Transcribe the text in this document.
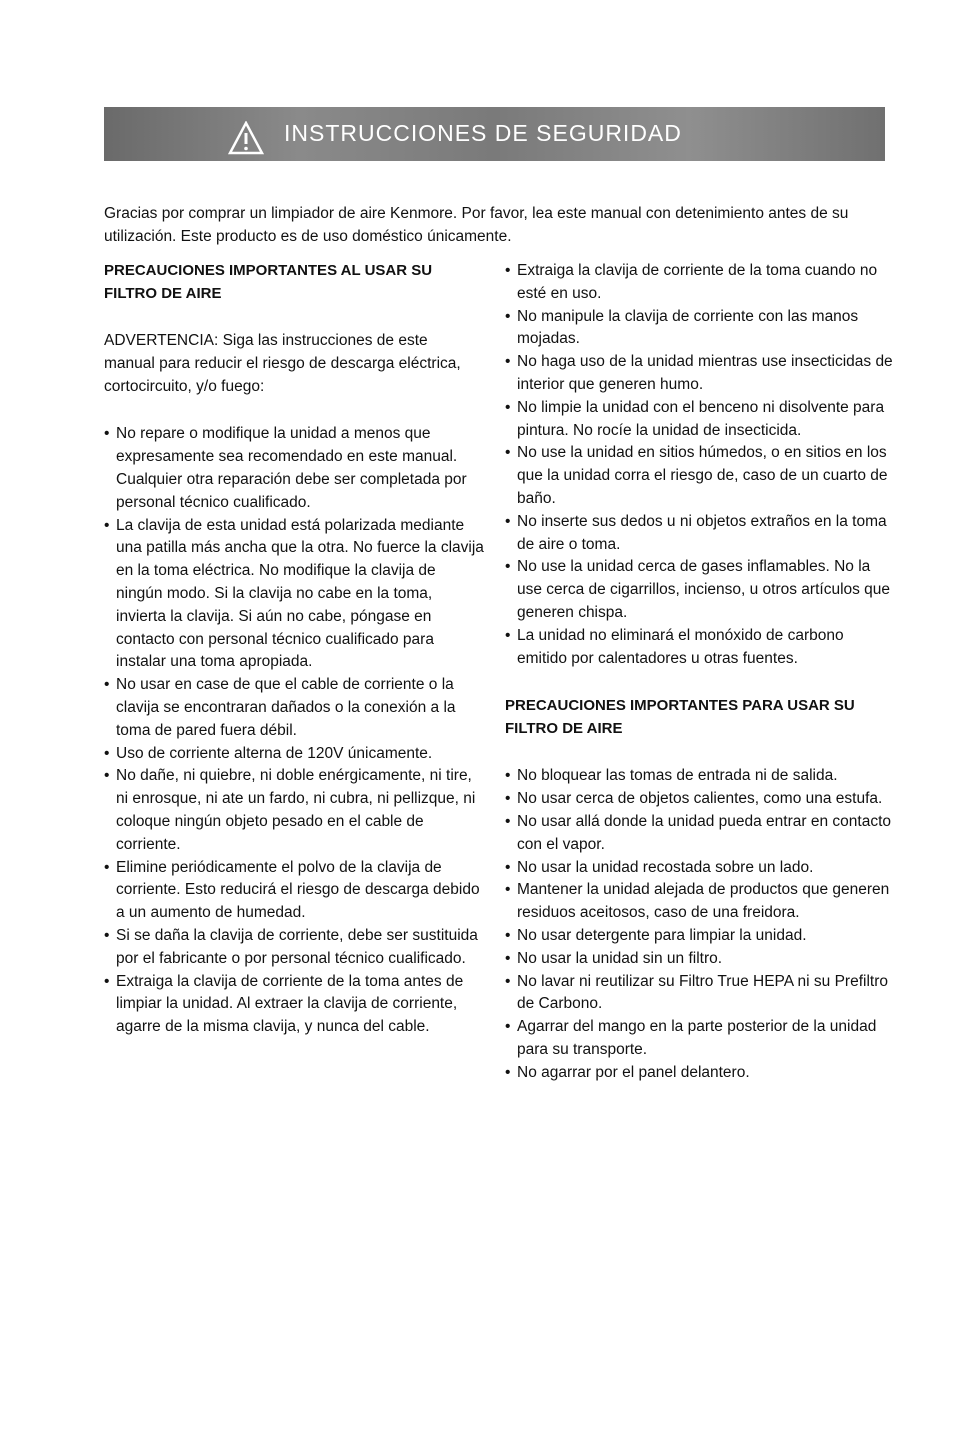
INSTRUCCIONES DE SEGURIDAD

Gracias por comprar un limpiador de aire Kenmore. Por favor, lea este manual con detenimiento antes de su utilización. Este producto es de uso doméstico únicamente.

PRECAUCIONES IMPORTANTES AL USAR SU FILTRO DE AIRE

ADVERTENCIA: Siga las instrucciones de este manual para reducir el riesgo de descarga eléctrica, cortocircuito, y/o fuego:

• No repare o modifique la unidad a menos que expresamente sea recomendado en este manual. Cualquier otra reparación debe ser completada por personal técnico cualificado.
• La clavija de esta unidad está polarizada mediante una patilla más ancha que la otra. No fuerce la clavija en la toma eléctrica. No modifique la clavija de ningún modo. Si la clavija no cabe en la toma, invierta la clavija. Si aún no cabe, póngase en contacto con personal técnico cualificado para instalar una toma apropiada.
• No usar en case de que el cable de corriente o la clavija se encontraran dañados o la conexión a la toma de pared fuera débil.
• Uso de corriente alterna de 120V únicamente.
• No dañe, ni quiebre, ni doble enérgicamente, ni tire, ni enrosque, ni ate un fardo, ni cubra, ni pellizque, ni coloque ningún objeto pesado en el cable de corriente.
• Elimine periódicamente el polvo de la clavija de corriente. Esto reducirá el riesgo de descarga debido a un aumento de humedad.
• Si se daña la clavija de corriente, debe ser sustituida por el fabricante o por personal técnico cualificado.
• Extraiga la clavija de corriente de la toma antes de limpiar la unidad. Al extraer la clavija de corriente, agarre de la misma clavija, y nunca del cable.
• Extraiga la clavija de corriente de la toma cuando no esté en uso.
• No manipule la clavija de corriente con las manos mojadas.
• No haga uso de la unidad mientras use insecticidas de interior que generen humo.
• No limpie la unidad con el benceno ni disolvente para pintura. No rocíe la unidad de insecticida.
• No use la unidad en sitios húmedos, o en sitios en los que la unidad corra el riesgo de, caso de un cuarto de baño.
• No inserte sus dedos u ni objetos extraños en la toma de aire o toma.
• No use la unidad cerca de gases inflamables. No la use cerca de cigarrillos, incienso, u otros artículos que generen chispa.
• La unidad no eliminará el monóxido de carbono emitido por calentadores u otras fuentes.

PRECAUCIONES IMPORTANTES PARA USAR SU FILTRO DE AIRE

• No bloquear las tomas de entrada ni de salida.
• No usar cerca de objetos calientes, como una estufa.
• No usar allá donde la unidad pueda entrar en contacto con el vapor.
• No usar la unidad recostada sobre un lado.
• Mantener la unidad alejada de productos que generen residuos aceitosos, caso de una freidora.
• No usar detergente para limpiar la unidad.
• No usar la unidad sin un filtro.
• No lavar ni reutilizar su Filtro True HEPA ni su Prefiltro de Carbono.
• Agarrar del mango en la parte posterior de la unidad para su transporte.
• No agarrar por el panel delantero.
